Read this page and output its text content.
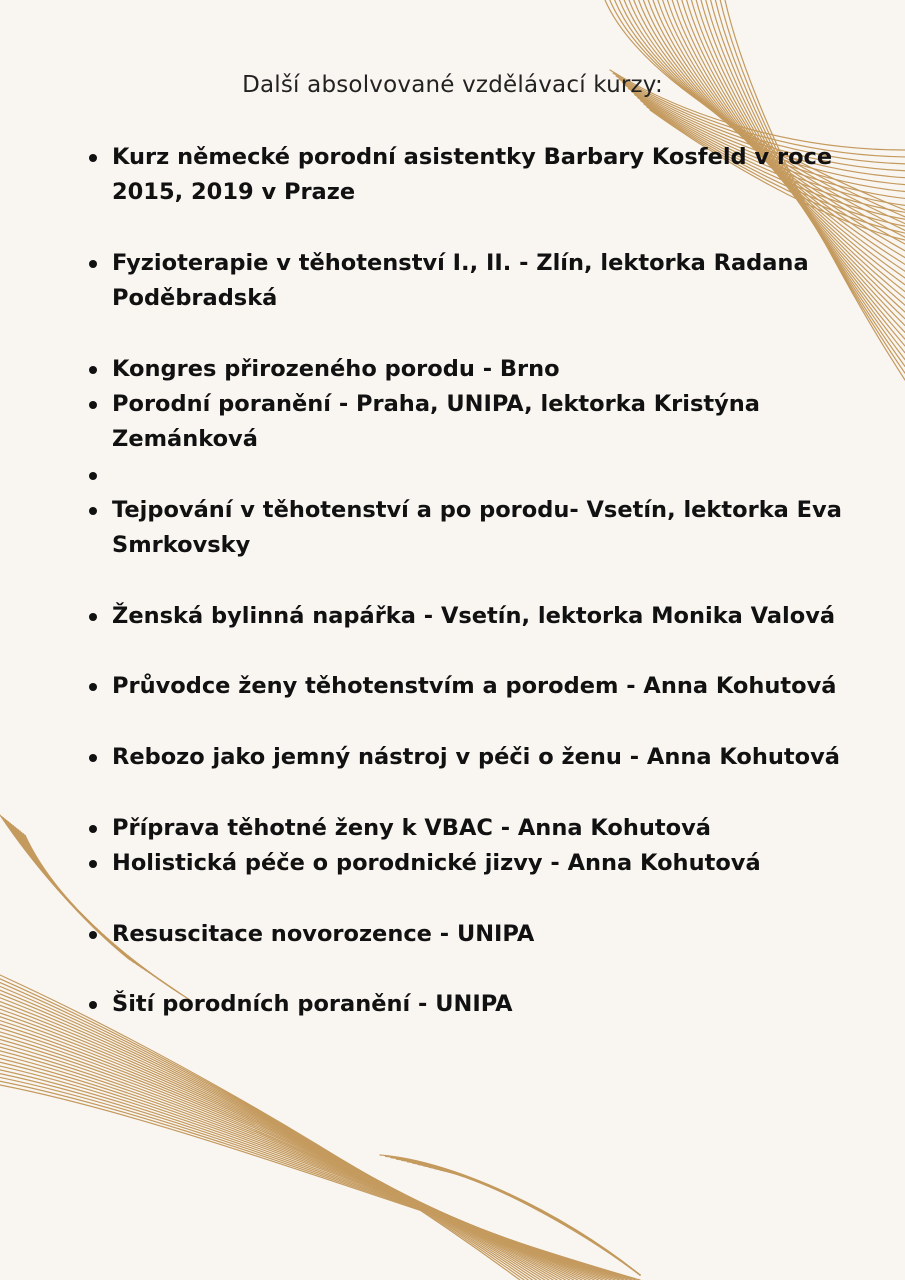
Další absolvované vzdělávací kurzy:
Kurz německé porodní asistentky Barbary Kosfeld v roce 2015, 2019 v Praze
Fyzioterapie v těhotenství I., II. - Zlín, lektorka Radana Poděbradská
Kongres přirozeného porodu - Brno
Porodní poranění - Praha, UNIPA, lektorka Kristýna Zemánková
Tejpování v těhotenství a po porodu- Vsetín, lektorka Eva Smrkovsky
Ženská bylinná napářka - Vsetín, lektorka Monika Valová
Průvodce ženy těhotenstvím a porodem - Anna Kohutová
Rebozo jako jemný nástroj v péči o ženu - Anna Kohutová
Příprava těhotné ženy k VBAC - Anna Kohutová
Holistická péče o porodnické jizvy - Anna Kohutová
Resuscitace novorozence - UNIPA
Šití porodních poranění - UNIPA
